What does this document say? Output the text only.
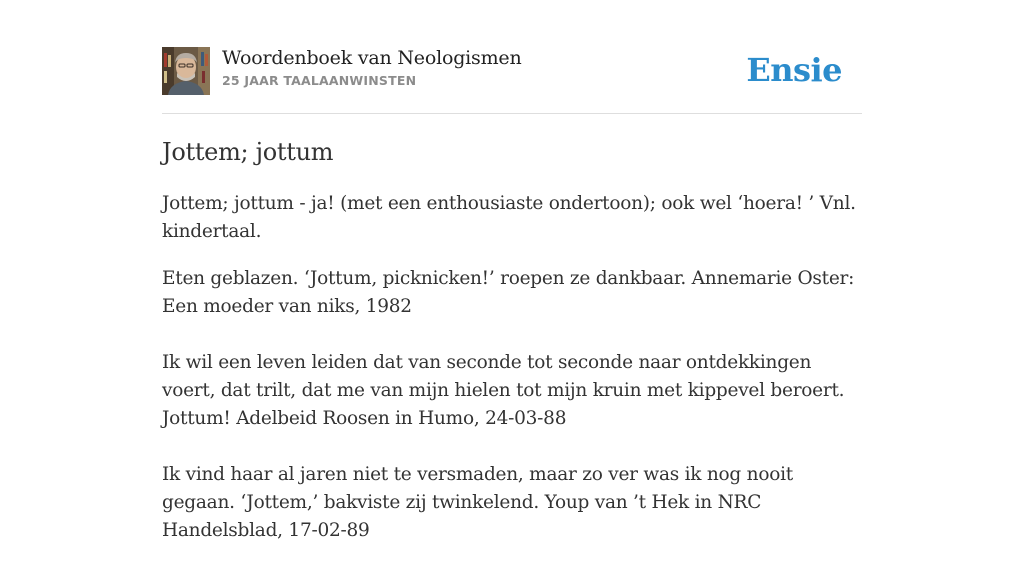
Woordenboek van Neologismen
25 JAAR TAALAANWINSTEN	Ensie
Jottem; jottum

Jottem; jottum - ja! (met een enthousiaste ondertoon); ook wel ‘hoera! ’ Vnl. kindertaal.

Eten geblazen. ‘Jottum, picknicken!’ roepen ze dankbaar. Annemarie Oster: Een moeder van niks, 1982
Ik wil een leven leiden dat van seconde tot seconde naar ontdekkingen voert, dat trilt, dat me van mijn hielen tot mijn kruin met kippevel beroert. Jottum! Adelbeid Roosen in Humo, 24-03-88
Ik vind haar al jaren niet te versmaden, maar zo ver was ik nog nooit gegaan. ‘Jottem,’ bakviste zij twinkelend. Youp van ’t Hek in NRC Handelsblad, 17-02-89
